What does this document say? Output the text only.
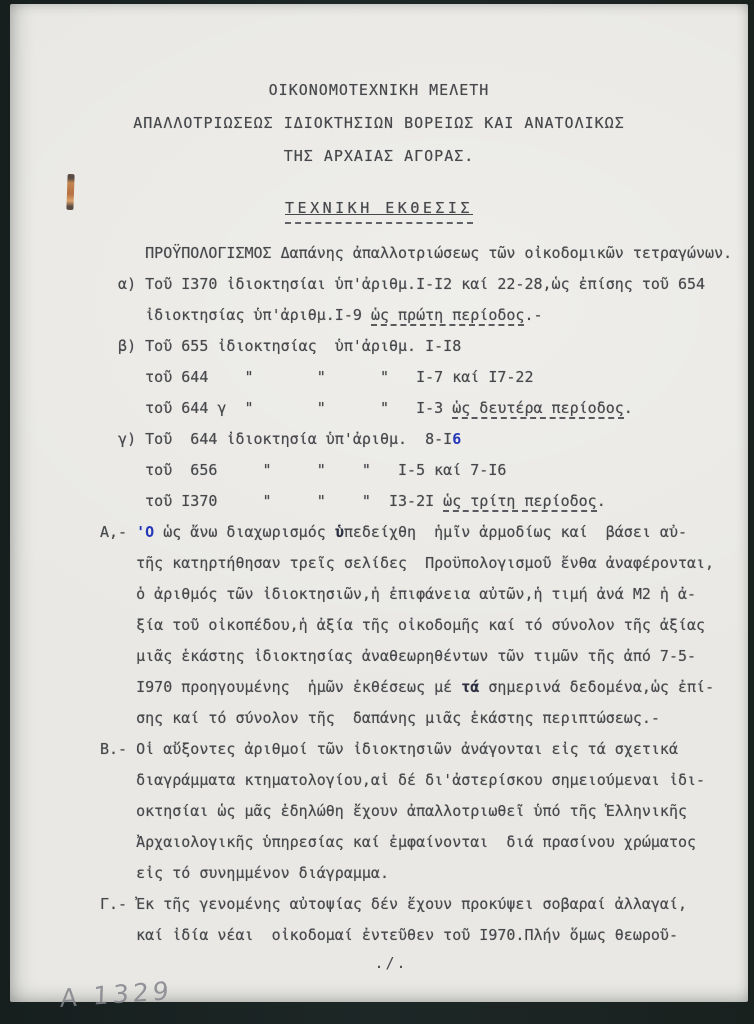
ΟΙΚΟΝΟΜΟΤΕΧΝΙΚΗ ΜΕΛΕΤΗ
ΑΠΑΛΛΟΤΡΙΩΣΕΩΣ ΙΔΙΟΚΤΗΣΙΩΝ ΒΟΡΕΙΩΣ ΚΑΙ ΑΝΑΤΟΛΙΚΩΣ
ΤΗΣ ΑΡΧΑΙΑΣ ΑΓΟΡΑΣ.
ΤΕΧΝΙΚΗ ΕΚΘΕΣΙΣ
ΠΡΟΫΠΟΛΟΓΙΣΜΟΣ Δαπάνης ἀπαλλοτριώσεως τῶν οἰκοδομικῶν τετραγώνων.
α) Τοῦ Ι370 ἰδιοκτησίαι ὑπ'ἀριθμ.Ι-Ι2 καί 22-28,ὡς ἐπίσης τοῦ 654
ἰδιοκτησίας ὑπ'ἀριθμ.Ι-9 ὡς πρώτη περίοδος.-
β) Τοῦ 655 ἰδιοκτησίας  ὑπ'ἀριθμ. Ι-Ι8
τοῦ 644    "       "      "   Ι-7 καί Ι7-22
τοῦ 644 γ  "       "      "   Ι-3 ὡς δευτέρα περίοδος.
γ) Τοῦ  644 ἰδιοκτησία ὑπ'ἀριθμ.  8-Ι6
τοῦ  656     "     "    "   Ι-5 καί 7-Ι6
τοῦ Ι370     "     "    "  Ι3-2Ι ὡς τρίτη περίοδος.
Α,- 'Ο ὡς ἄνω διαχωρισμός ὑπεδείχθη  ἡμῖν ἁρμοδίως καί  βάσει αὐ-
τῆς κατηρτήθησαν τρεῖς σελίδες  Προϋπολογισμοῦ ἔνθα ἀναφέρονται,
ὁ ἀριθμός τῶν ἰδιοκτησιῶν,ἡ ἐπιφάνεια αὐτῶν,ἡ τιμή ἀνά Μ2 ἡ ἀ-
ξία τοῦ οἰκοπέδου,ἡ ἀξία τῆς οἰκοδομῆς καί τό σύνολον τῆς ἀξίας
μιᾶς ἑκάστης ἰδιοκτησίας ἀναθεωρηθέντων τῶν τιμῶν τῆς ἀπό 7-5-
Ι970 προηγουμένης  ἡμῶν ἐκθέσεως μέ τά σημερινά δεδομένα,ὡς ἐπί-
σης καί τό σύνολον τῆς  δαπάνης μιᾶς ἑκάστης περιπτώσεως.-
Β.- Οἱ αὔξοντες ἀριθμοί τῶν ἰδιοκτησιῶν ἀνάγονται εἰς τά σχετικά
διαγράμματα κτηματολογίου,αἱ δέ δι'ἀστερίσκου σημειούμεναι ἰδι-
οκτησίαι ὡς μᾶς ἐδηλώθη ἔχουν ἀπαλλοτριωθεῖ ὑπό τῆς Ἑλληνικῆς
Ἀρχαιολογικῆς ὑπηρεσίας καί ἐμφαίνονται  διά πρασίνου χρώματος
εἰς τό συνημμένον διάγραμμα.
Γ.- Ἐκ τῆς γενομένης αὐτοψίας δέν ἔχουν προκύψει σοβαραί ἀλλαγαί,
καί ἰδία νέαι  οἰκοδομαί ἐντεῦθεν τοῦ Ι970.Πλήν ὅμως θεωροῦ-
./.
A 1329
